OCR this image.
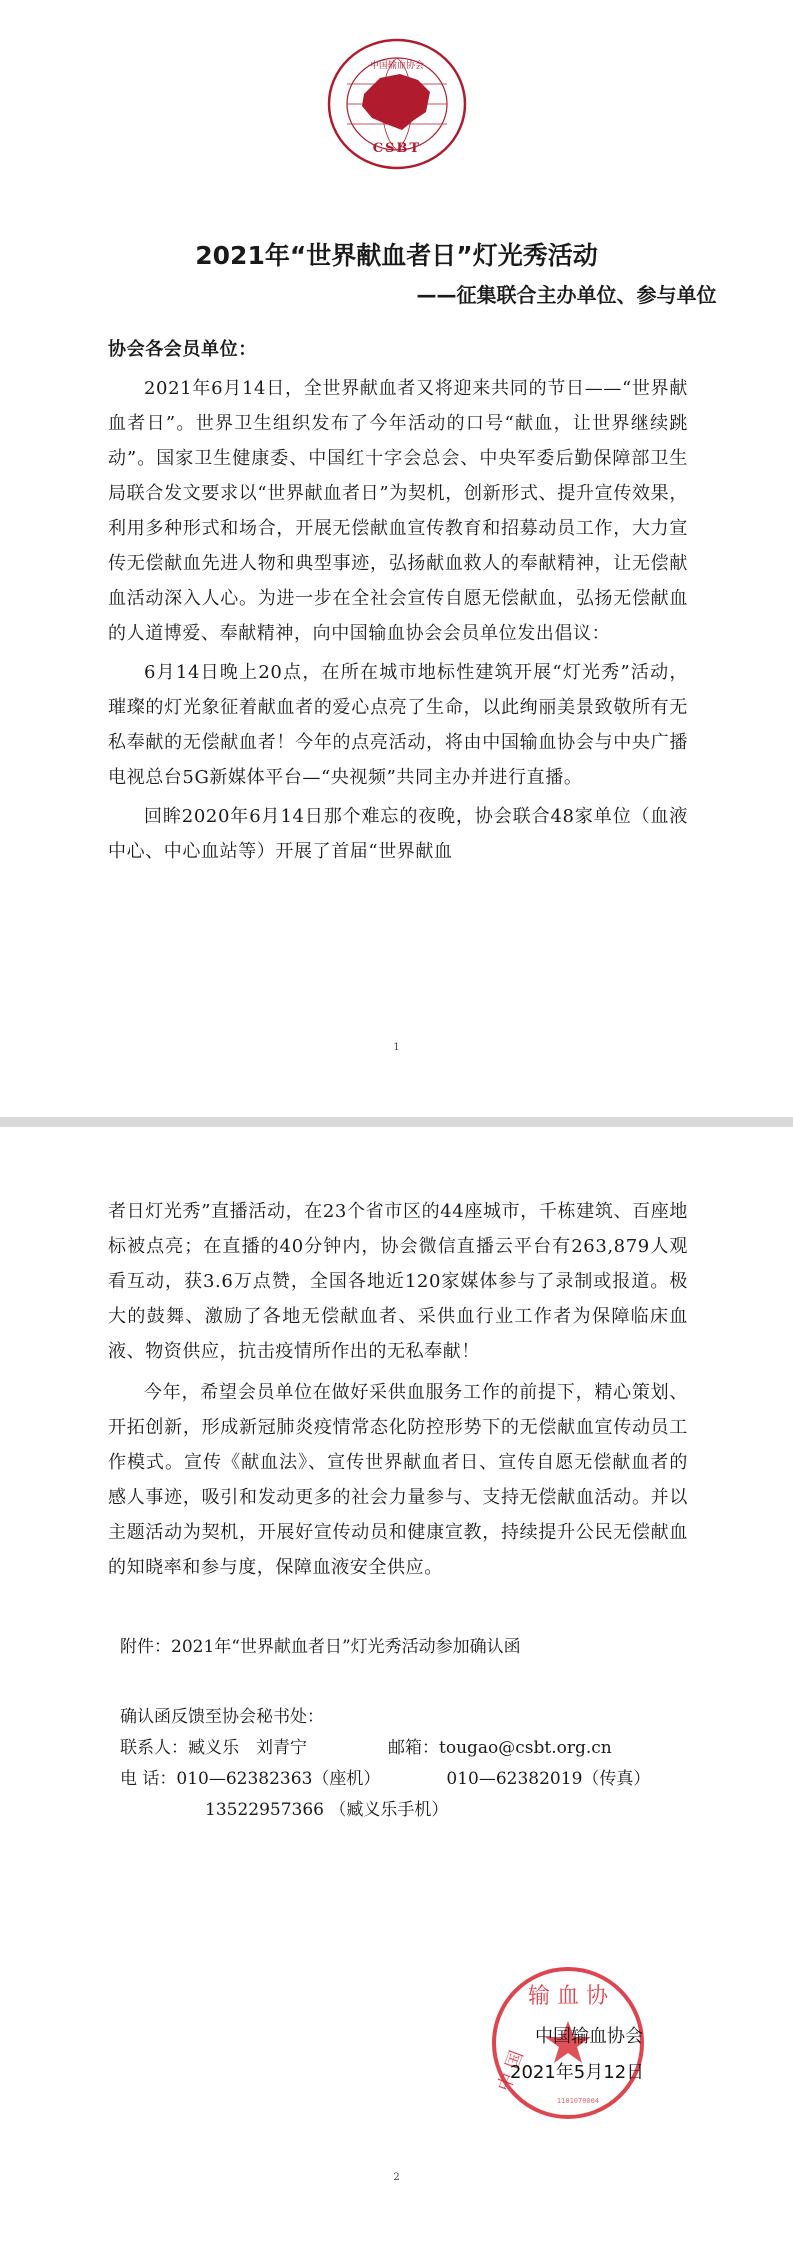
中国输血协会
CSBT
2021年“世界献血者日”灯光秀活动
——征集联合主办单位、参与单位

协会各会员单位：

2021年6月14日，全世界献血者又将迎来共同的节日——“世界献血者日”。世界卫生组织发布了今年活动的口号“献血，让世界继续跳动”。国家卫生健康委、中国红十字会总会、中央军委后勤保障部卫生局联合发文要求以“世界献血者日”为契机，创新形式、提升宣传效果，利用多种形式和场合，开展无偿献血宣传教育和招募动员工作，大力宣传无偿献血先进人物和典型事迹，弘扬献血救人的奉献精神，让无偿献血活动深入人心。为进一步在全社会宣传自愿无偿献血，弘扬无偿献血的人道博爱、奉献精神，向中国输血协会会员单位发出倡议：

6月14日晚上20点，在所在城市地标性建筑开展“灯光秀”活动，璀璨的灯光象征着献血者的爱心点亮了生命，以此绚丽美景致敬所有无私奉献的无偿献血者！今年的点亮活动，将由中国输血协会与中央广播电视总台5G新媒体平台—“央视频”共同主办并进行直播。

回眸2020年6月14日那个难忘的夜晚，协会联合48家单位（血液中心、中心血站等）开展了首届“世界献血

1

者日灯光秀”直播活动，在23个省市区的44座城市，千栋建筑、百座地标被点亮；在直播的40分钟内，协会微信直播云平台有263,879人观看互动，获3.6万点赞，全国各地近120家媒体参与了录制或报道。极大的鼓舞、激励了各地无偿献血者、采供血行业工作者为保障临床血液、物资供应，抗击疫情所作出的无私奉献！

今年，希望会员单位在做好采供血服务工作的前提下，精心策划、开拓创新，形成新冠肺炎疫情常态化防控形势下的无偿献血宣传动员工作模式。宣传《献血法》、宣传世界献血者日、宣传自愿无偿献血者的感人事迹，吸引和发动更多的社会力量参与、支持无偿献血活动。并以主题活动为契机，开展好宣传动员和健康宣教，持续提升公民无偿献血的知晓率和参与度，保障血液安全供应。

附件：2021年“世界献血者日”灯光秀活动参加确认函
确认函反馈至协会秘书处：
联系人：臧义乐　刘青宁	邮箱：tougao@csbt.org.cn
电 话：010—62382363（座机）	010—62382019（传真）
13522957366 （臧义乐手机）
2
输 血 协
中 国
1101070004
中国输血协会
2021年5月12日
